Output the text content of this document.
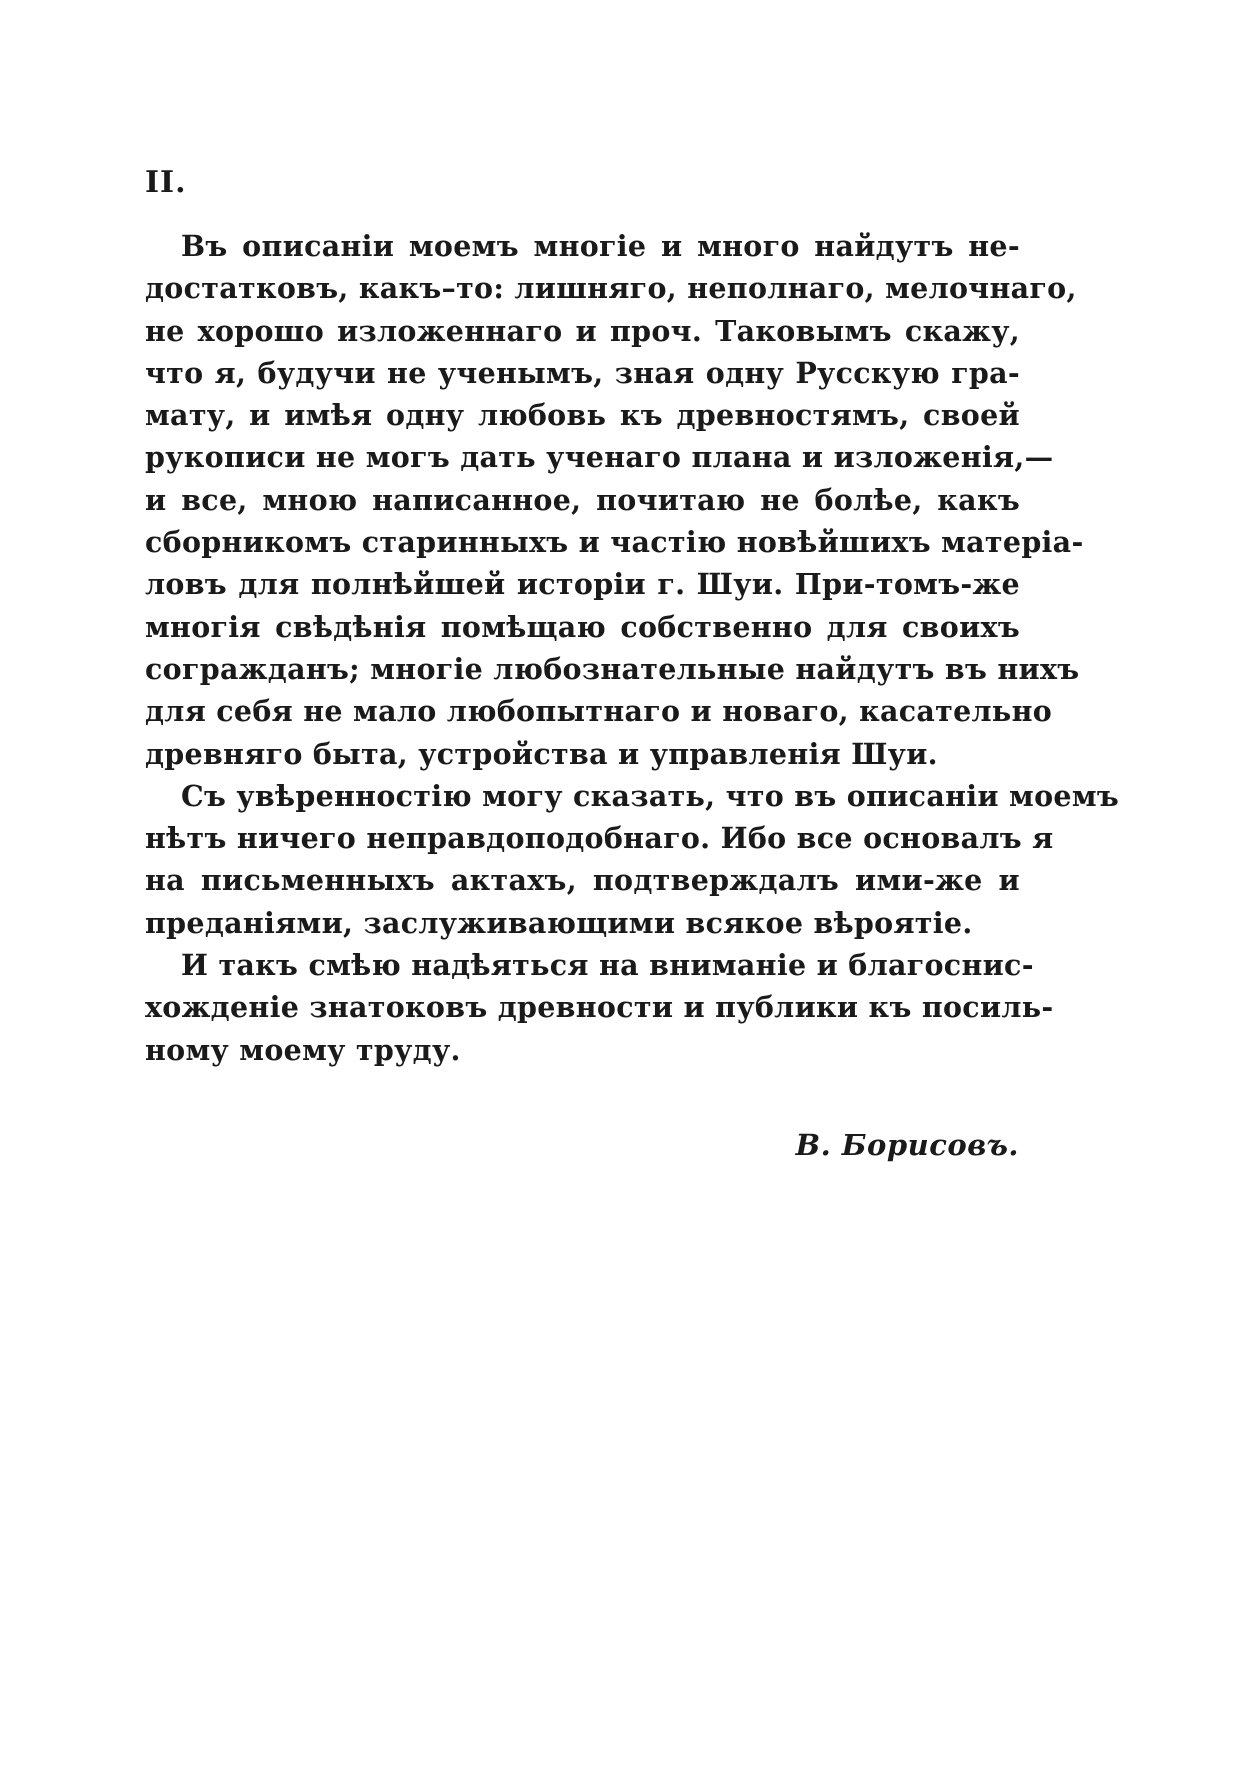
II.
Въ описаніи моемъ многіе и много найдутъ не-
достатковъ, какъ–то: лишняго, неполнаго, мелочнаго,
не хорошо изложеннаго и проч. Таковымъ скажу,
что я, будучи не ученымъ, зная одну Русскую гра-
мату, и имѣя одну любовь къ древностямъ, своей
рукописи не могъ дать ученаго плана и изложенія,—
и все, мною написанное, почитаю не болѣе, какъ
сборникомъ старинныхъ и частію новѣйшихъ матеріа-
ловъ для полнѣйшей исторіи г. Шуи. При-томъ-же
многія свѣдѣнія помѣщаю собственно для своихъ
согражданъ; многіе любознательные найдутъ въ нихъ
для себя не мало любопытнаго и новаго, касательно
древняго быта, устройства и управленія Шуи.
Съ увѣренностію могу сказать, что въ описаніи моемъ
нѣтъ ничего неправдоподобнаго. Ибо все основалъ я
на письменныхъ актахъ, подтверждалъ ими-же и
преданіями, заслуживающими всякое вѣроятіе.
И такъ смѣю надѣяться на вниманіе и благоснис-
хожденіе знатоковъ древности и публики къ посиль-
ному моему труду.
В. Борисовъ.
